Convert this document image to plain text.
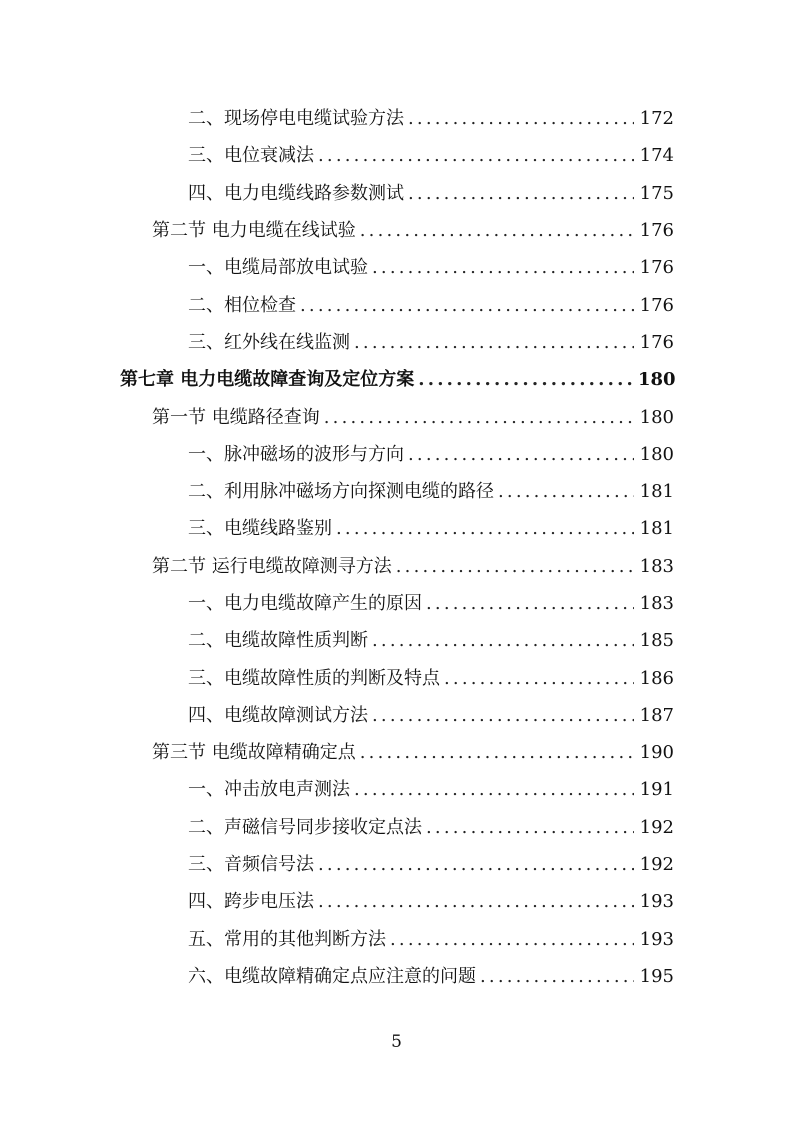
二、现场停电电缆试验方法 .....	172
三、电位衰减法 .....	174
四、电力电缆线路参数测试 .....	175
第二节 电力电缆在线试验 .....	176
一、电缆局部放电试验 .....	176
二、相位检查 .....	176
三、红外线在线监测 .....	176
第七章 电力电缆故障查询及定位方案 .....	180
第一节 电缆路径查询 .....	180
一、脉冲磁场的波形与方向 .....	180
二、利用脉冲磁场方向探测电缆的路径 .....	181
三、电缆线路鉴别 .....	181
第二节 运行电缆故障测寻方法 .....	183
一、电力电缆故障产生的原因 .....	183
二、电缆故障性质判断 .....	185
三、电缆故障性质的判断及特点 .....	186
四、电缆故障测试方法 .....	187
第三节 电缆故障精确定点 .....	190
一、冲击放电声测法 .....	191
二、声磁信号同步接收定点法 .....	192
三、音频信号法 .....	192
四、跨步电压法 .....	193
五、常用的其他判断方法 .....	193
六、电缆故障精确定点应注意的问题 .....	195
5
